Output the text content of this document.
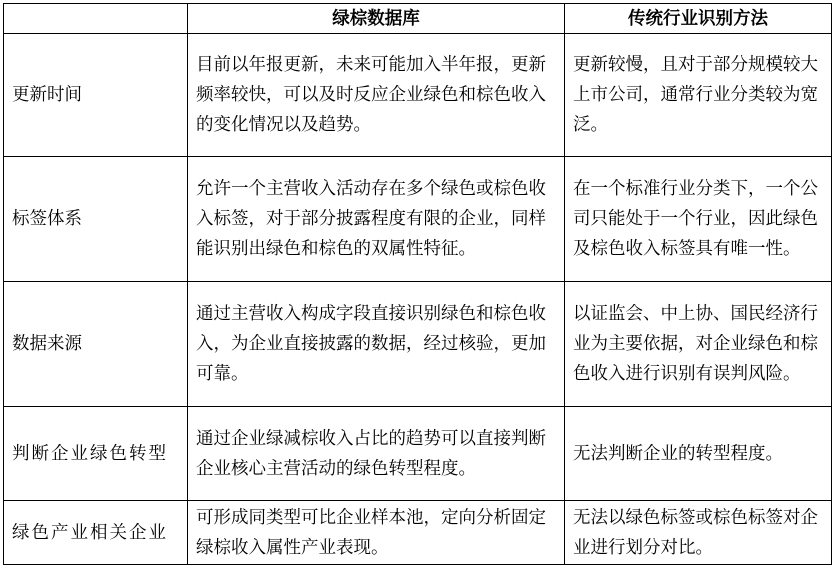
	绿棕数据库	传统行业识别方法
更新时间	目前以年报更新，未来可能加入半年报，更新频率较快，可以及时反应企业绿色和棕色收入的变化情况以及趋势。	更新较慢，且对于部分规模较大上市公司，通常行业分类较为宽泛。
标签体系	允许一个主营收入活动存在多个绿色或棕色收入标签，对于部分披露程度有限的企业，同样能识别出绿色和棕色的双属性特征。	在一个标准行业分类下，一个公司只能处于一个行业，因此绿色及棕色收入标签具有唯一性。
数据来源	通过主营收入构成字段直接识别绿色和棕色收入，为企业直接披露的数据，经过核验，更加可靠。	以证监会、中上协、国民经济行业为主要依据，对企业绿色和棕色收入进行识别有误判风险。
判断企业绿色转型	通过企业绿减棕收入占比的趋势可以直接判断企业核心主营活动的绿色转型程度。	无法判断企业的转型程度。
绿色产业相关企业	可形成同类型可比企业样本池，定向分析固定绿棕收入属性产业表现。	无法以绿色标签或棕色标签对企业进行划分对比。
